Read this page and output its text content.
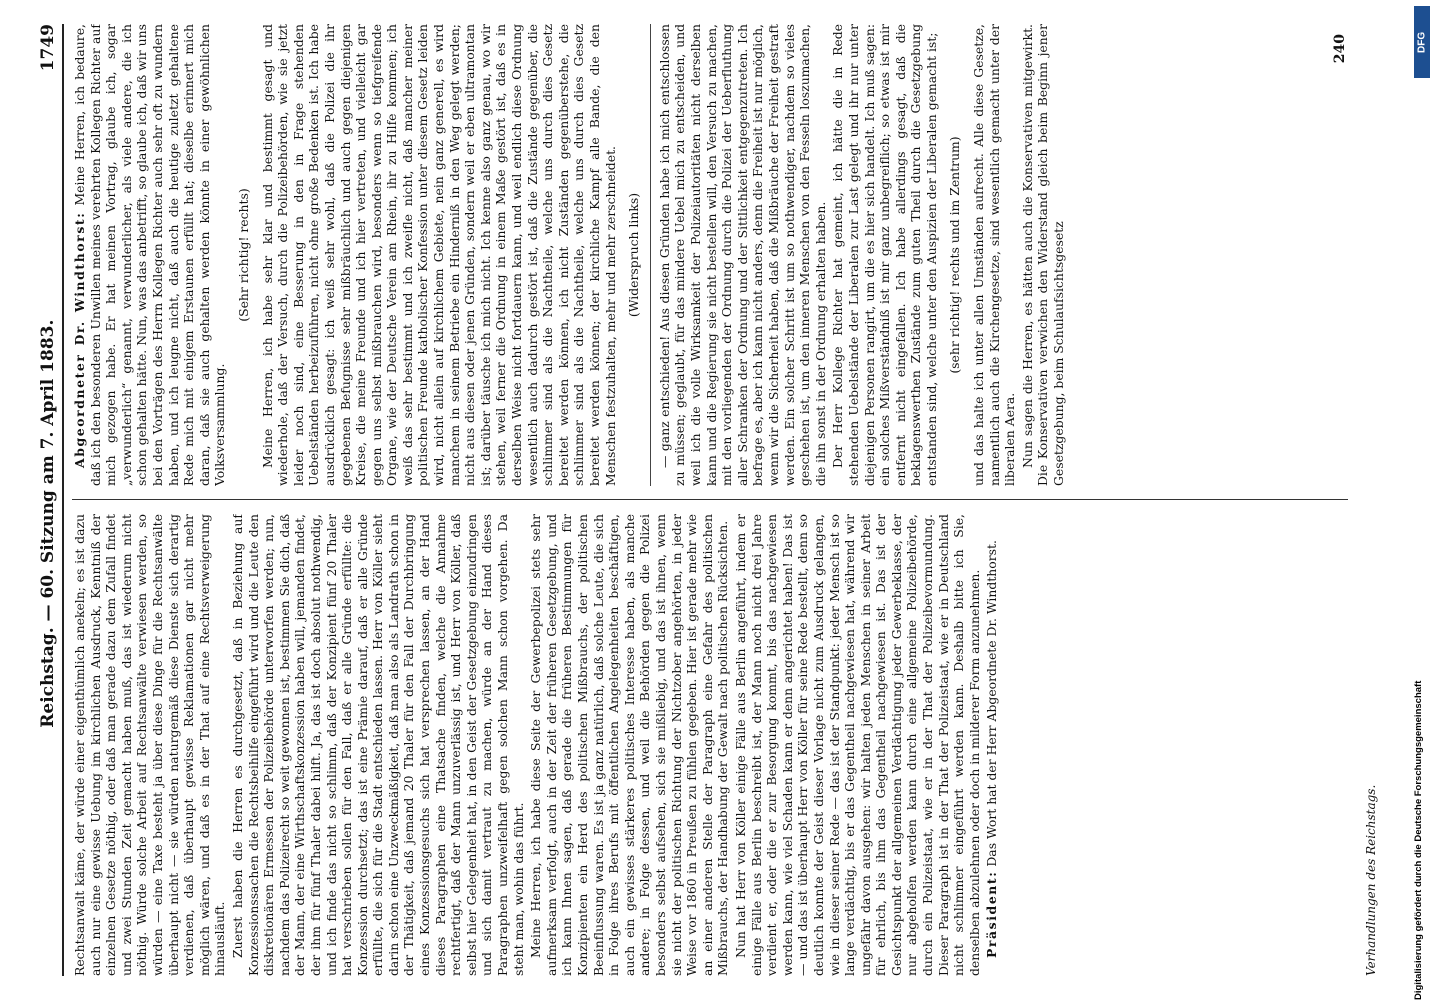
Reichstag. — 60. Sitzung am 7. April 1883.
1749

Rechtsanwalt käme, der würde einer eigenthümlich anekeln; es ist dazu auch nur eine gewisse Uebung im kirchlichen Ausdruck, Kenntniß der einzelnen Gesetze nöthig, oder daß man gerade dazu dem Zufall findet und zwei Stunden Zeit gemacht haben muß, das ist wiederum nicht nöthig. Würde solche Arbeit auf Rechtsanwälte verwiesen werden, so würden — eine Taxe besteht ja über diese Dinge für die Rechtsanwälte überhaupt nicht — sie würden naturgemäß diese Dienste sich derartig verdienen, daß überhaupt gewisse Reklamationen gar nicht mehr möglich wären, und daß es in der That auf eine Rechtsverweigerung hinausläuft. Zuerst haben die Herren es durchgesetzt, daß in Beziehung auf Konzessionssachen die Rechtsbeihilfe eingeführt wird und die Leute den diskretionären Ermessen der Polizeibehörde unterworfen werden; nun, nachdem das Polizeirecht so weit gewonnen ist, bestimmen Sie dich, daß der Mann, der eine Wirthschaftskonzession haben will, jemanden findet, der ihm für fünf Thaler dabei hilft. Ja, das ist doch absolut nothwendig, und ich finde das nicht so schlimm, daß der Konzipient fünf 20 Thaler hat verschrieben sollen für den Fall, daß er alle Gründe erfüllte: die Konzession durchsetzt; das ist eine Prämie darauf, daß er alle Gründe erfüllte, die sich für die Stadt entschieden lassen. Herr von Köller sieht darin schon eine Unzweckmäßigkeit, daß man also als Landrath schon in der Thätigkeit, daß jemand 20 Thaler für den Fall der Durchbringung eines Konzessionsgesuchs sich hat versprechen lassen, an der Hand dieses Paragraphen eine Thatsache finden, welche die Annahme rechtfertigt, daß der Mann unzuverlässig ist, und Herr von Köller, daß selbst hier Gelegenheit hat, in den Geist der Gesetzgebung einzudringen und sich damit vertraut zu machen, würde an der Hand dieses Paragraphen unzweifelhaft gegen solchen Mann schon vorgehen. Da steht man, wohin das führt. Meine Herren, ich habe diese Seite der Gewerbepolizei stets sehr aufmerksam verfolgt, auch in der Zeit der früheren Gesetzgebung, und ich kann Ihnen sagen, daß gerade die früheren Bestimmungen für Konzipienten ein Herd des politischen Mißbrauchs, der politischen Beeinflussung waren. Es ist ja ganz natürlich, daß solche Leute, die sich in Folge ihres Berufs mit öffentlichen Angelegenheiten beschäftigen, auch ein gewisses stärkeres politisches Interesse haben, als manche andere; in Folge dessen, und weil die Behörden gegen die Polizei besonders selbst aufsehen, sich sie mißliebig, und das ist ihnen, wenn sie nicht der politischen Richtung der Nichtzober angehörten, in jeder Weise vor 1860 in Preußen zu fühlen gegeben. Hier ist gerade mehr wie an einer anderen Stelle der Paragraph eine Gefahr des politischen Mißbrauchs, der Handhabung der Gewalt nach politischen Rücksichten. Nun hat Herr von Köller einige Fälle aus Berlin angeführt, indem er einige Fälle aus Berlin beschreibt ist, der Mann noch nicht drei Jahre verdient er, oder die er zur Besorgung kommt, bis das nachgewiesen werden kann, wie viel Schaden kann er denn angerichtet haben! Das ist — und das ist überhaupt Herr von Köller für seine Rede bestellt, denn so deutlich konnte der Geist dieser Vorlage nicht zum Ausdruck gelangen, wie in dieser seiner Rede — das ist der Standpunkt: jeder Mensch ist so lange verdächtig, bis er das Gegentheil nachgewiesen hat, während wir ungefähr davon ausgehen: wir halten jeden Menschen in seiner Arbeit für ehrlich, bis ihm das Gegentheil nachgewiesen ist. Das ist der Gesichtspunkt der allgemeinen Verdächtigung jeder Gewerbeklasse, der nur abgeholfen werden kann durch eine allgemeine Polizeibehörde, durch ein Polizeistaat, wie er in der That der Polizeibevormundung. Dieser Paragraph ist in der That der Polizeistaat, wie er in Deutschland nicht schlimmer eingeführt werden kann. Deshalb bitte ich Sie, denselben abzulehnen oder doch in milderer Form anzunehmen. Präsident: Das Wort hat der Herr Abgeordnete Dr. Windthorst.

Abgeordneter Dr. Windthorst: Meine Herren, ich bedaure, daß ich den besonderen Unwillen meines verehrten Kollegen Richter auf mich gezogen habe. Er hat meinen Vortrag, glaube ich, sogar „verwunderlich“ genannt, verwunderlicher, als viele andere, die ich schon gehalten hätte. Nun, was das anbetrifft, so glaube ich, daß wir uns bei den Vorträgen des Herrn Kollegen Richter auch sehr oft zu wundern haben, und ich leugne nicht, daß auch die heutige zuletzt gehaltene Rede mich mit einigem Erstaunen erfüllt hat; dieselbe erinnert mich daran, daß sie auch gehalten werden könnte in einer gewöhnlichen Volksversammlung.

(Sehr richtig! rechts) Meine Herren, ich habe sehr klar und bestimmt gesagt und wiederhole, daß der Versuch, durch die Polizeibehörden, wie sie jetzt leider noch sind, eine Besserung in den in Frage stehenden Uebelständen herbeizuführen, nicht ohne große Bedenken ist. Ich habe ausdrücklich gesagt: ich weiß sehr wohl, daß die Polizei die ihr gegebenen Befugnisse sehr mißbräuchlich und auch gegen diejenigen Kreise, die meine Freunde und ich hier vertreten, und vielleicht gar gegen uns selbst mißbrauchen wird, besonders wenn so tiefgreifende Organe, wie der Deutsche Verein am Rhein, ihr zu Hilfe kommen; ich weiß das sehr bestimmt und ich zweifle nicht, daß mancher meiner politischen Freunde katholischer Konfession unter diesem Gesetz leiden wird, nicht allein auf kirchlichem Gebiete, nein ganz generell, es wird manchem in seinem Betriebe ein Hinderniß in den Weg gelegt werden; nicht aus diesen oder jenen Gründen, sondern weil er eben ultramontan ist; darüber täusche ich mich nicht. Ich kenne also ganz genau, wo wir stehen, weil ferner die Ordnung in einem Maße gestört ist, daß es in derselben Weise nicht fortdauern kann, und weil endlich diese Ordnung wesentlich auch dadurch gestört ist, daß die Zustände gegenüber, die schlimmer sind als die Nachtheile, welche uns durch dies Gesetz bereitet werden können, ich nicht Zuständen gegenüberstehe, die schlimmer sind als die Nachtheile, welche uns durch dies Gesetz bereitet werden können; der kirchliche Kampf alle Bande, die den Menschen festzuhalten, mehr und mehr zerschneidet. (Widerspruch links)	— ganz entschieden! Aus diesen Gründen habe ich mich entschlossen zu müssen; geglaubt, für das mindere Uebel mich zu entscheiden, und weil ich die volle Wirksamkeit der Polizeiautoritäten nicht derselben kann und die Regierung sie nicht bestellen will, den Versuch zu machen, mit den vorliegenden der Ordnung durch die Polizei der Ueberfluthung aller Schranken der Ordnung und der Sittlichkeit entgegenzutreten. Ich befrage es, aber ich kann nicht anders, denn die Freiheit ist nur möglich, wenn wir die Sicherheit haben, daß die Mißbräuche der Freiheit gestraft werden. Ein solcher Schritt ist um so nothwendiger, nachdem so vieles geschehen ist, um den inneren Menschen von den Fesseln loszumachen, die ihn sonst in der Ordnung erhalten haben. Der Herr Kollege Richter hat gemeint, ich hätte die in Rede stehenden Uebelstände der Liberalen zur Last gelegt und ihr nur unter diejenigen Personen rangirt, um die es hier sich handelt. Ich muß sagen: ein solches Mißverständniß ist mir ganz unbegreiflich; so etwas ist mir entfernt nicht eingefallen. Ich habe allerdings gesagt, daß die beklagenswerthen Zustände zum guten Theil durch die Gesetzgebung entstanden sind, welche unter den Auspizien der Liberalen gemacht ist; (sehr richtig! rechts und im Zentrum) und das halte ich unter allen Umständen aufrecht. Alle diese Gesetze, namentlich auch die Kirchengesetze, sind wesentlich gemacht unter der liberalen Aera. Nun sagen die Herren, es hätten auch die Konservativen mitgewirkt. Die Konservativen verwichen den Widerstand gleich beim Beginn jener Gesetzgebung, beim Schulaufsichtsgesetz

Verhandlungen des Reichstags.
240	DFG
Digitalisierung gefördert durch die Deutsche Forschungsgemeinschaft
